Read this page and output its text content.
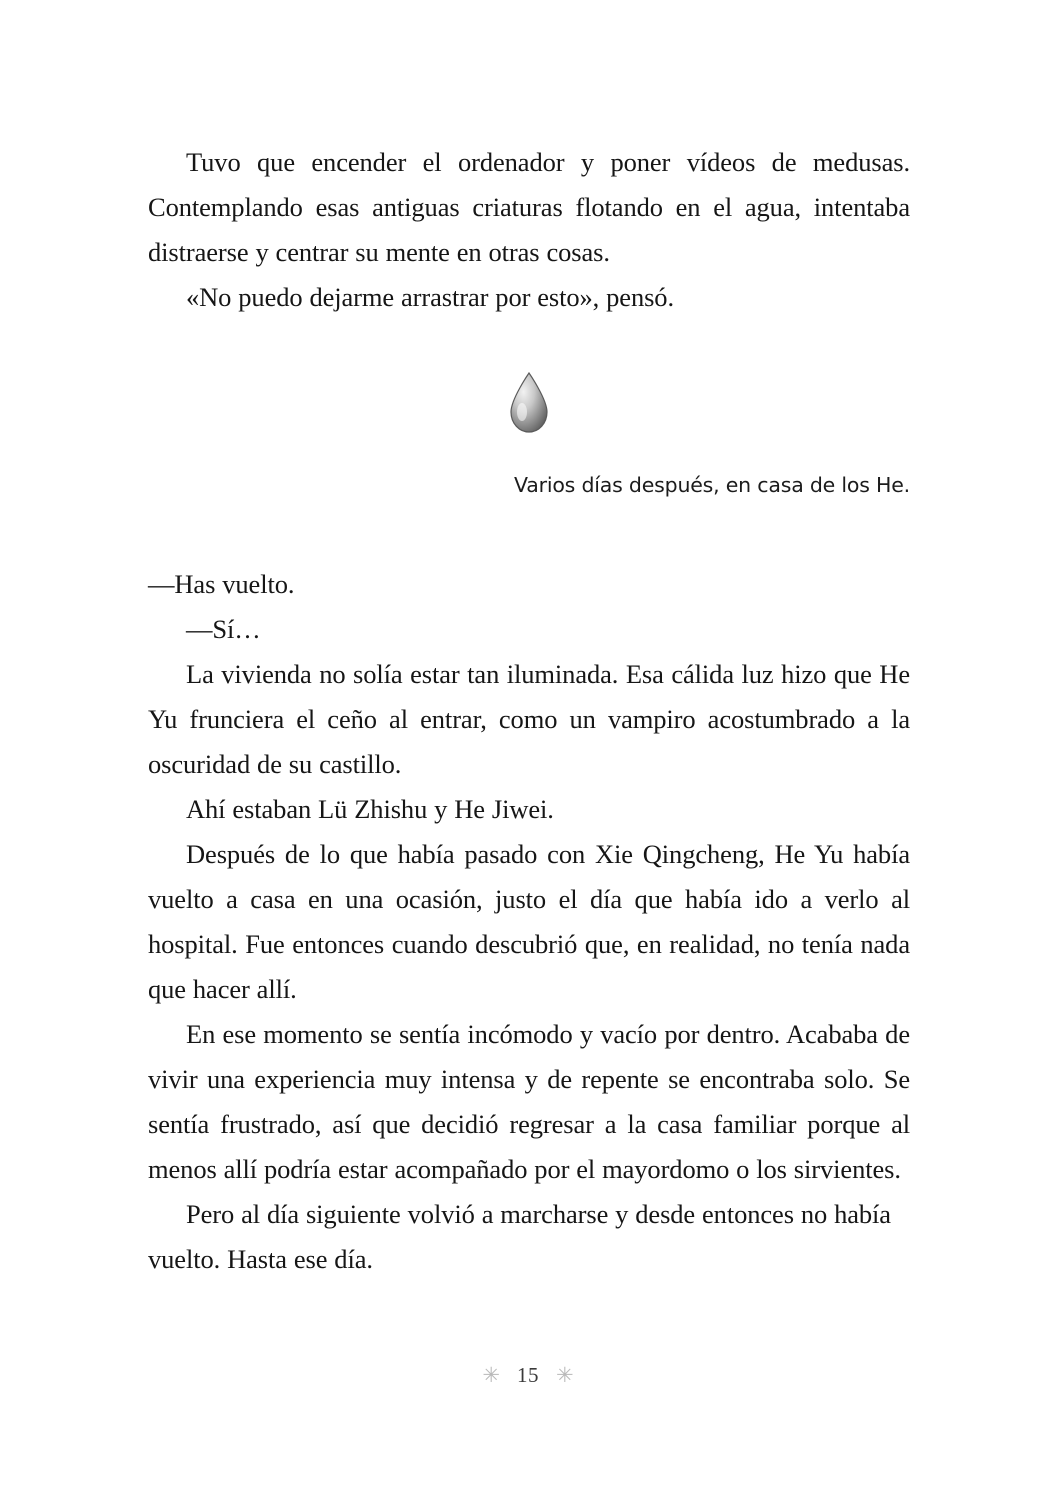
Tuvo que encender el ordenador y poner vídeos de medusas. Contemplando esas antiguas criaturas flotando en el agua, intentaba distraerse y centrar su mente en otras cosas.

«No puedo dejarme arrastrar por esto», pensó.

Varios días después, en casa de los He.

—Has vuelto.

—Sí…

La vivienda no solía estar tan iluminada. Esa cálida luz hizo que He Yu frunciera el ceño al entrar, como un vampiro acostumbrado a la oscuridad de su castillo.

Ahí estaban Lü Zhishu y He Jiwei.

Después de lo que había pasado con Xie Qingcheng, He Yu había vuelto a casa en una ocasión, justo el día que había ido a verlo al hospital. Fue entonces cuando descubrió que, en realidad, no tenía nada que hacer allí.

En ese momento se sentía incómodo y vacío por dentro. Acababa de vivir una experiencia muy intensa y de repente se encontraba solo. Se sentía frustrado, así que decidió regresar a la casa familiar porque al menos allí podría estar acompañado por el mayordomo o los sirvientes.

Pero al día siguiente volvió a marcharse y desde entonces no había vuelto. Hasta ese día.

✳ 15 ✳
